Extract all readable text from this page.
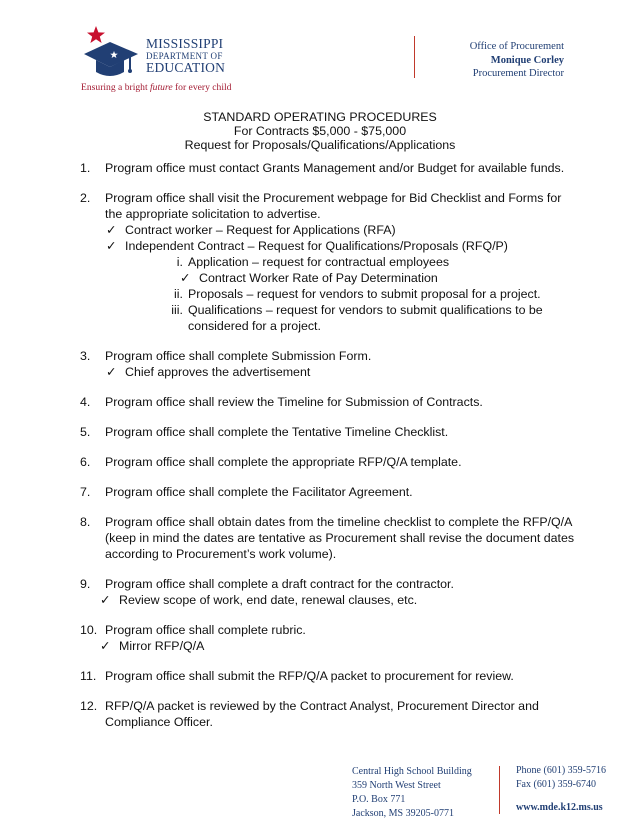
MISSISSIPPI
DEPARTMENT OF
EDUCATION
Ensuring a bright future for every child
Office of Procurement
Monique Corley
Procurement Director
STANDARD OPERATING PROCEDURES
For Contracts $5,000 - $75,000
Request for Proposals/Qualifications/Applications
1. Program office must contact Grants Management and/or Budget for available funds.
2. Program office shall visit the Procurement webpage for Bid Checklist and Forms for the appropriate solicitation to advertise.
✓ Contract worker – Request for Applications (RFA)
✓ Independent Contract – Request for Qualifications/Proposals (RFQ/P)
i. Application – request for contractual employees
✓ Contract Worker Rate of Pay Determination
ii. Proposals – request for vendors to submit proposal for a project.
iii. Qualifications – request for vendors to submit qualifications to be considered for a project.
3. Program office shall complete Submission Form.
✓ Chief approves the advertisement
4. Program office shall review the Timeline for Submission of Contracts.
5. Program office shall complete the Tentative Timeline Checklist.
6. Program office shall complete the appropriate RFP/Q/A template.
7. Program office shall complete the Facilitator Agreement.
8. Program office shall obtain dates from the timeline checklist to complete the RFP/Q/A (keep in mind the dates are tentative as Procurement shall revise the document dates according to Procurement’s work volume).
9. Program office shall complete a draft contract for the contractor.
✓ Review scope of work, end date, renewal clauses, etc.
10. Program office shall complete rubric.
✓ Mirror RFP/Q/A
11. Program office shall submit the RFP/Q/A packet to procurement for review.
12. RFP/Q/A packet is reviewed by the Contract Analyst, Procurement Director and Compliance Officer.
Central High School Building
359 North West Street
P.O. Box 771
Jackson, MS 39205-0771
Phone (601) 359-5716
Fax (601) 359-6740
www.mde.k12.ms.us
